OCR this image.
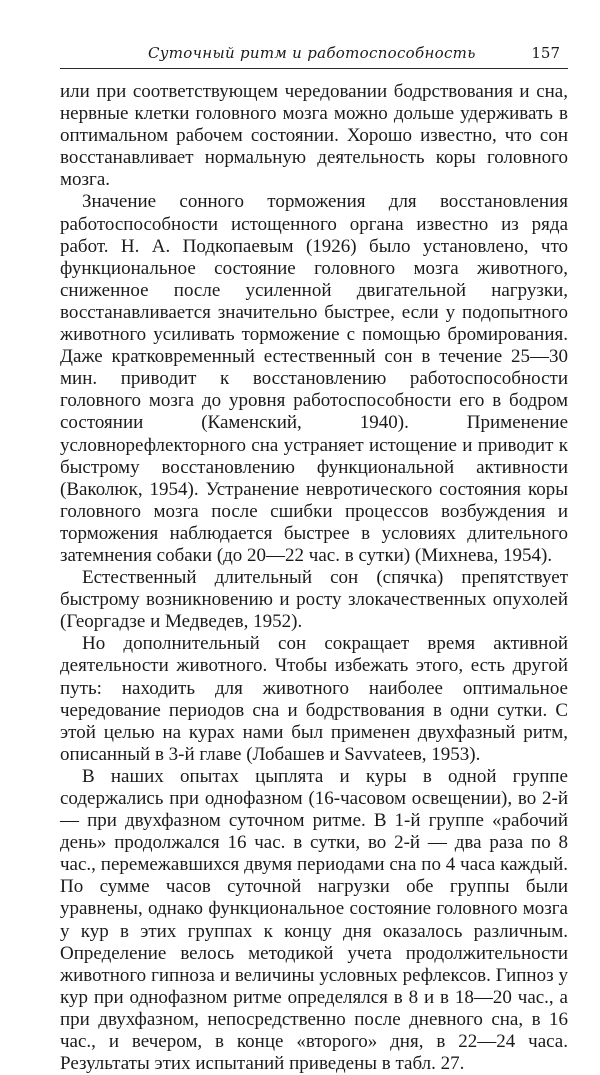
Суточный ритм и работоспособность	157

или при соответствующем чередовании бодрствования и сна, нервные клетки головного мозга можно дольше удерживать в оптимальном рабочем состоянии. Хорошо известно, что сон восстанавливает нормальную деятельность коры головного мозга.

Значение сонного торможения для восстановления работоспособности истощенного органа известно из ряда работ. Н. А. Подкопаевым (1926) было установлено, что функциональное состояние головного мозга животного, сниженное после усиленной двигательной нагрузки, восстанавливается значительно быстрее, если у подопытного животного усиливать торможение с помощью бромирования. Даже кратковременный естественный сон в течение 25—30 мин. приводит к восстановлению работоспособности головного мозга до уровня работоспособности его в бодром состоянии (Каменский, 1940). Применение условнорефлекторного сна устраняет истощение и приводит к быстрому восстановлению функциональной активности (Ваколюк, 1954). Устранение невротического состояния коры головного мозга после сшибки процессов возбуждения и торможения наблюдается быстрее в условиях длительного затемнения собаки (до 20—22 час. в сутки) (Михнева, 1954).

Естественный длительный сон (спячка) препятствует быстрому возникновению и росту злокачественных опухолей (Георгадзе и Медведев, 1952).

Но дополнительный сон сокращает время активной деятельности животного. Чтобы избежать этого, есть другой путь: находить для животного наиболее оптимальное чередование периодов сна и бодрствования в одни сутки. С этой целью на курах нами был применен двухфазный ритм, описанный в 3-й главе (Лобашев и Savvateев, 1953).

В наших опытах цыплята и куры в одной группе содержались при однофазном (16-часовом освещении), во 2-й — при двухфазном суточном ритме. В 1-й группе «рабочий день» продолжался 16 час. в сутки, во 2-й — два раза по 8 час., перемежавшихся двумя периодами сна по 4 часа каждый. По сумме часов суточной нагрузки обе группы были уравнены, однако функциональное состояние головного мозга у кур в этих группах к концу дня оказалось различным. Определение велось методикой учета продолжительности животного гипноза и величины условных рефлексов. Гипноз у кур при однофазном ритме определялся в 8 и в 18—20 час., а при двухфазном, непосредственно после дневного сна, в 16 час., и вечером, в конце «второго» дня, в 22—24 часа. Результаты этих испытаний приведены в табл. 27.
